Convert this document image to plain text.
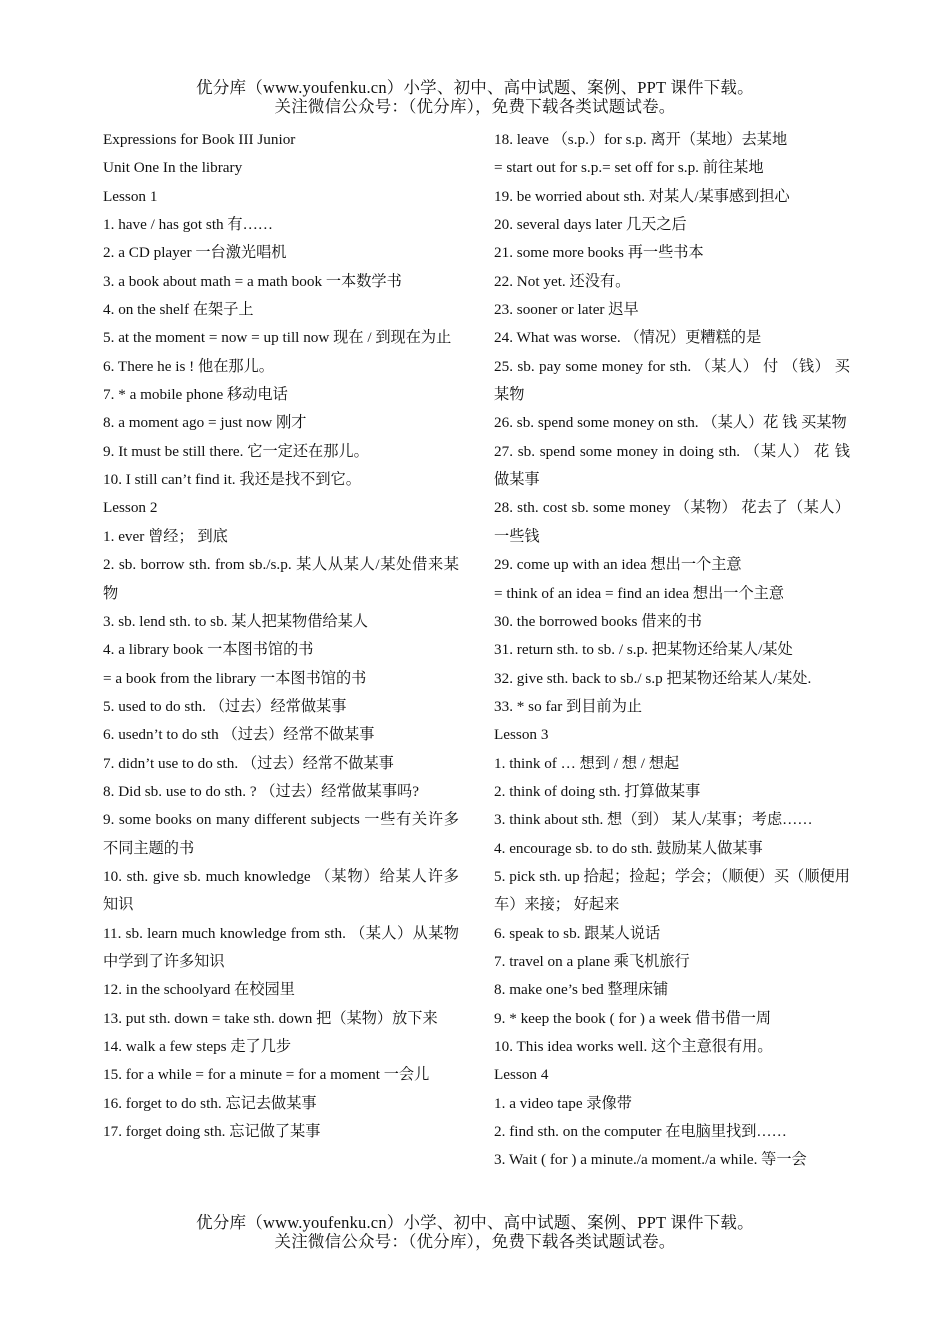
优分库（www.youfenku.cn）小学、初中、高中试题、案例、PPT 课件下载。
关注微信公众号：（优分库），免费下载各类试题试卷。
Expressions for Book III Junior
Unit One In the library
Lesson 1
1. have / has got sth 有……
2. a CD player 一台激光唱机
3. a book about math = a math book 一本数学书
4. on the shelf 在架子上
5. at the moment = now = up till now 现在 / 到现在为止
6. There he is ! 他在那儿。
7. * a mobile phone 移动电话
8. a moment ago = just now 刚才
9. It must be still there. 它一定还在那儿。
10. I still can’t find it. 我还是找不到它。
Lesson 2
1. ever 曾经； 到底
2. sb. borrow sth. from sb./s.p. 某人从某人/某处借来某物
3. sb. lend sth. to sb. 某人把某物借给某人
4. a library book 一本图书馆的书
= a book from the library 一本图书馆的书
5. used to do sth. （过去）经常做某事
6. usedn’t to do sth （过去）经常不做某事
7. didn’t use to do sth. （过去）经常不做某事
8. Did sb. use to do sth. ? （过去）经常做某事吗?
9. some books on many different subjects 一些有关许多不同主题的书
10. sth. give sb. much knowledge （某物）给某人许多知识
11. sb. learn much knowledge from sth. （某人）从某物中学到了许多知识
12. in the schoolyard 在校园里
13. put sth. down = take sth. down 把（某物）放下来
14. walk a few steps 走了几步
15. for a while = for a minute = for a moment 一会儿
16. forget to do sth. 忘记去做某事
17. forget doing sth. 忘记做了某事
18. leave （s.p.）for s.p. 离开（某地）去某地
= start out for s.p.= set off for s.p. 前往某地
19. be worried about sth. 对某人/某事感到担心
20. several days later 几天之后
21. some more books 再一些书本
22. Not yet. 还没有。
23. sooner or later 迟早
24. What was worse. （情况）更糟糕的是
25. sb. pay some money for sth. （某人） 付 （钱） 买某物
26. sb. spend some money on sth. （某人）花 钱 买某物
27. sb. spend some money in doing sth. （某人） 花 钱 做某事
28. sth. cost sb. some money （某物） 花去了（某人）一些钱
29. come up with an idea 想出一个主意
= think of an idea = find an idea 想出一个主意
30. the borrowed books 借来的书
31. return sth. to sb. / s.p. 把某物还给某人/某处
32. give sth. back to sb./ s.p 把某物还给某人/某处.
33. * so far 到目前为止
Lesson 3
1. think of … 想到 / 想 / 想起
2. think of doing sth. 打算做某事
3. think about sth. 想（到） 某人/某事；考虑……
4. encourage sb. to do sth. 鼓励某人做某事
5. pick sth. up 拾起；捡起；学会；（顺便）买（顺便用车）来接； 好起来
6. speak to sb. 跟某人说话
7. travel on a plane 乘飞机旅行
8. make one’s bed 整理床铺
9. * keep the book ( for ) a week 借书借一周
10. This idea works well. 这个主意很有用。
Lesson 4
1. a video tape 录像带
2. find sth. on the computer 在电脑里找到……
3. Wait ( for ) a minute./a moment./a while. 等一会
优分库（www.youfenku.cn）小学、初中、高中试题、案例、PPT 课件下载。
关注微信公众号：（优分库），免费下载各类试题试卷。
